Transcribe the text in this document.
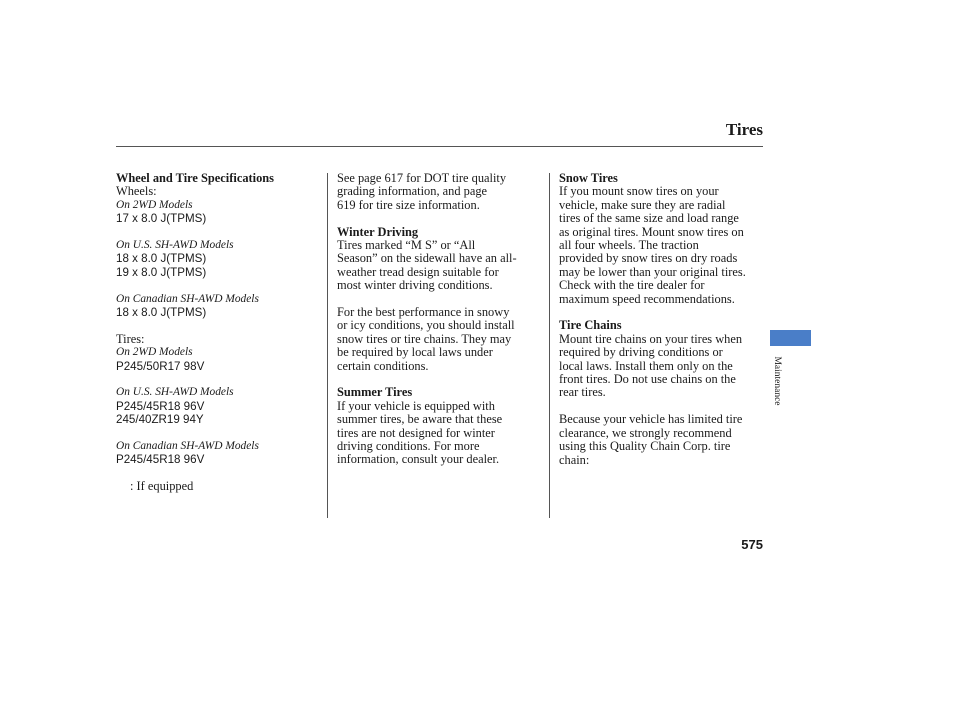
Tires

Wheel and Tire Specifications

Wheels:

On 2WD Models

17 x 8.0 J(TPMS)

On U.S. SH-AWD Models

18 x 8.0 J(TPMS)

19 x 8.0 J(TPMS)

On Canadian SH-AWD Models

18 x 8.0 J(TPMS)

Tires:

On 2WD Models

P245/50R17 98V

On U.S. SH-AWD Models

P245/45R18 96V

245/40ZR19 94Y

On Canadian SH-AWD Models

P245/45R18 96V

: If equipped

See page 617 for DOT tire quality

grading information, and page

619 for tire size information.

Winter Driving

Tires marked “M S” or “All

Season” on the sidewall have an all-

weather tread design suitable for

most winter driving conditions.

For the best performance in snowy

or icy conditions, you should install

snow tires or tire chains. They may

be required by local laws under

certain conditions.

Summer Tires

If your vehicle is equipped with

summer tires, be aware that these

tires are not designed for winter

driving conditions. For more

information, consult your dealer.

Snow Tires

If you mount snow tires on your

vehicle, make sure they are radial

tires of the same size and load range

as original tires. Mount snow tires on

all four wheels. The traction

provided by snow tires on dry roads

may be lower than your original tires.

Check with the tire dealer for

maximum speed recommendations.

Tire Chains

Mount tire chains on your tires when

required by driving conditions or

local laws. Install them only on the

front tires. Do not use chains on the

rear tires.

Because your vehicle has limited tire

clearance, we strongly recommend

using this Quality Chain Corp. tire

chain:

Maintenance
575
